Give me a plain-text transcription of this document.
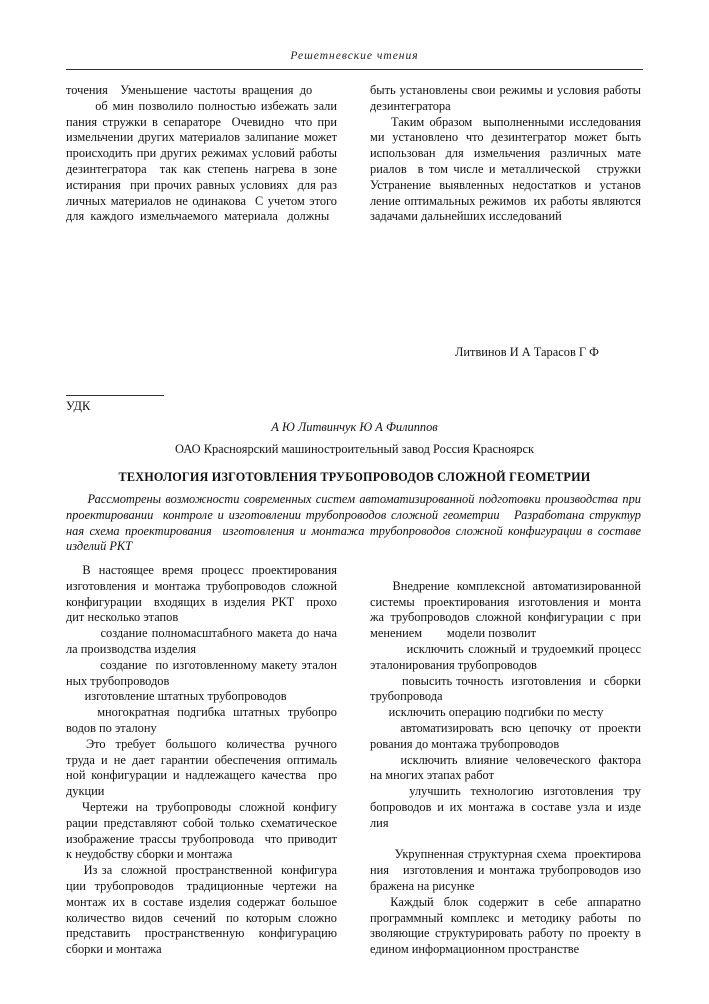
Решетневские чтения
точения    Уменьшение  частоты  вращения  до
об мин позволило полностью избежать зали
пания стружки в сепараторе  Очевидно  что при
измельчении других материалов залипание может
происходить при других режимах условий работы
дезинтегратора  так как степень нагрева в зоне
истирания  при прочих равных условиях  для раз
личных материалов не одинакова  С учетом этого
для  каждого  измельчаемого  материала   должны
быть установлены свои режимы и условия работы
дезинтегратора
Таким образом  выполненными исследования
ми  установлено  что  дезинтегратор  может  быть
использован  для  измельчения  различных  мате
риалов  в том числе и металлической   стружки
Устранение  выявленных  недостатков  и  установ
ление оптимальных режимов  их работы являются
задачами дальнейших исследований
Литвинов И А Тарасов Г Ф
УДК
А Ю Литвинчук Ю А Филиппов
ОАО Красноярский машиностроительный завод Россия Красноярск
ТЕХНОЛОГИЯ ИЗГОТОВЛЕНИЯ ТРУБОПРОВОДОВ СЛОЖНОЙ ГЕОМЕТРИИ
Рассмотрены возможности современных систем автоматизированной подготовки производства при
проектировании  контроле и изготовлении трубопроводов сложной геометрии   Разработана структур
ная схема проектирования  изготовления и монтажа трубопроводов сложной конфигурации в составе
изделий РКТ
В  настоящее  время  процесс  проектирования
изготовления и монтажа трубопроводов сложной
конфигурации  входящих в изделия РКТ  прохо
дит несколько этапов
создание полномасштабного макета до нача
ла производства изделия
создание  по изготовленному макету эталон
ных трубопроводов
изготовление штатных трубопроводов
многократная  подгибка  штатных  трубопро
водов по эталону
Это  требует  большого  количества  ручного
труда и не дает гарантии обеспечения оптималь
ной конфигурации и надлежащего качества  про
дукции
Чертежи  на  трубопроводы  сложной  конфигу
рации представляют собой только схематическое
изображение трассы трубопровода  что приводит
к неудобству сборки и монтажа
Из за  сложной  пространственной  конфигура
ции  трубопроводов   традиционные  чертежи  на
монтаж их в составе изделия содержат большое
количество  видов   сечений   по  которым  сложно
представить    пространственную    конфигурацию
сборки и монтажа
Внедрение  комплексной  автоматизированной
системы  проектирования  изготовления и  монта
жа трубопроводов сложной конфигурации с при
менением        модели позволит
исключить сложный и трудоемкий процесс
эталонирования трубопроводов
повысить точность  изготовления  и  сборки
трубопровода
исключить операцию подгибки по месту
автоматизировать  всю  цепочку  от  проекти
рования до монтажа трубопроводов
исключить  влияние  человеческого  фактора
на многих этапах работ
улучшить  технологию  изготовления  тру
бопроводов и их монтажа в составе узла и изде
лия
Укрупненная структурная схема  проектирова
ния   изготовления и монтажа трубопроводов изо
бражена на рисунке
Каждый  блок  содержит  в  себе  аппаратно
программный  комплекс  и  методику  работы   по
зволяющие структурировать работу по проекту в
едином информационном пространстве
